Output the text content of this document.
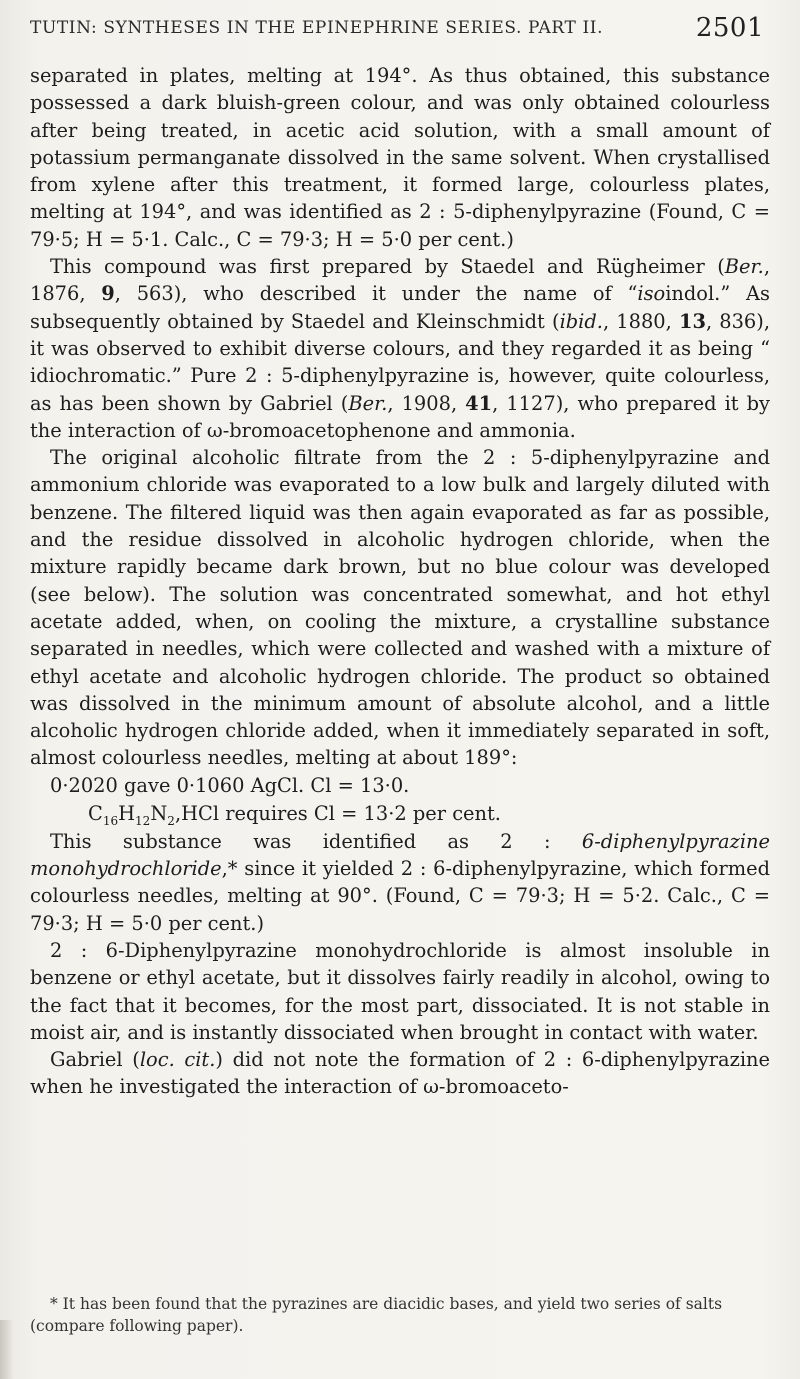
TUTIN: SYNTHESES IN THE EPINEPHRINE SERIES. PART II.	2501

separated in plates, melting at 194°. As thus obtained, this substance possessed a dark bluish-green colour, and was only obtained colourless after being treated, in acetic acid solution, with a small amount of potassium permanganate dissolved in the same solvent. When crystallised from xylene after this treatment, it formed large, colourless plates, melting at 194°, and was identified as 2 : 5-diphenylpyrazine (Found, C = 79·5; H = 5·1. Calc., C = 79·3; H = 5·0 per cent.)

This compound was first prepared by Staedel and Rügheimer (Ber., 1876, 9, 563), who described it under the name of “isoindol.” As subsequently obtained by Staedel and Kleinschmidt (ibid., 1880, 13, 836), it was observed to exhibit diverse colours, and they regarded it as being “ idiochromatic.” Pure 2 : 5-diphenylpyrazine is, however, quite colourless, as has been shown by Gabriel (Ber., 1908, 41, 1127), who prepared it by the interaction of ω-bromoacetophenone and ammonia.

The original alcoholic filtrate from the 2 : 5-diphenylpyrazine and ammonium chloride was evaporated to a low bulk and largely diluted with benzene. The filtered liquid was then again evaporated as far as possible, and the residue dissolved in alcoholic hydrogen chloride, when the mixture rapidly became dark brown, but no blue colour was developed (see below). The solution was concentrated somewhat, and hot ethyl acetate added, when, on cooling the mixture, a crystalline substance separated in needles, which were collected and washed with a mixture of ethyl acetate and alcoholic hydrogen chloride. The product so obtained was dissolved in the minimum amount of absolute alcohol, and a little alcoholic hydrogen chloride added, when it immediately separated in soft, almost colourless needles, melting at about 189°:

0·2020 gave 0·1060 AgCl. Cl = 13·0.
$C_{16}H_{12}N_2,HCl$ requires Cl = 13·2 per cent.

This substance was identified as 2 : 6-diphenylpyrazine monohydrochloride,* since it yielded 2 : 6-diphenylpyrazine, which formed colourless needles, melting at 90°. (Found, C = 79·3; H = 5·2. Calc., C = 79·3; H = 5·0 per cent.)

2 : 6-Diphenylpyrazine monohydrochloride is almost insoluble in benzene or ethyl acetate, but it dissolves fairly readily in alcohol, owing to the fact that it becomes, for the most part, dissociated. It is not stable in moist air, and is instantly dissociated when brought in contact with water.

Gabriel (loc. cit.) did not note the formation of 2 : 6-diphenylpyrazine when he investigated the interaction of ω-bromoaceto-

* It has been found that the pyrazines are diacidic bases, and yield two series of salts (compare following paper).
